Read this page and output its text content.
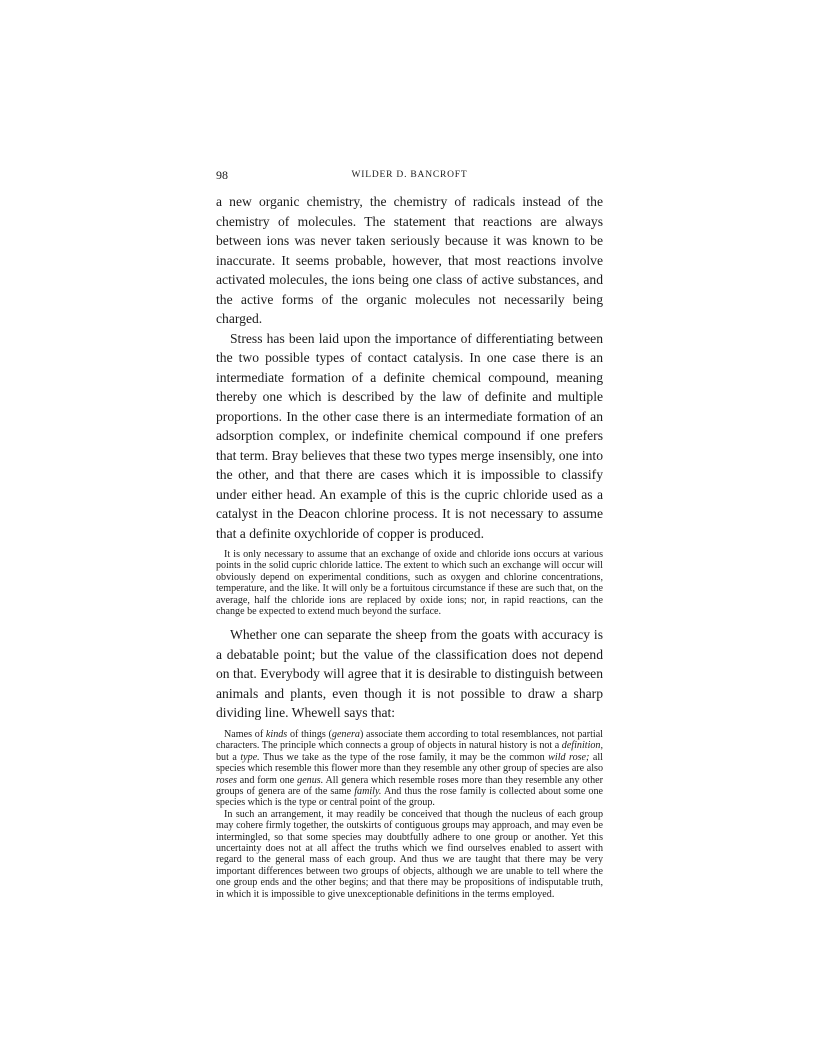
98	WILDER D. BANCROFT

a new organic chemistry, the chemistry of radicals instead of the chemistry of molecules. The statement that reactions are always between ions was never taken seriously because it was known to be inaccurate. It seems probable, however, that most reactions involve activated molecules, the ions being one class of active substances, and the active forms of the organic molecules not necessarily being charged.

Stress has been laid upon the importance of differentiating between the two possible types of contact catalysis. In one case there is an intermediate formation of a definite chemical compound, meaning thereby one which is described by the law of definite and multiple proportions. In the other case there is an intermediate formation of an adsorption complex, or indefinite chemical compound if one prefers that term. Bray believes that these two types merge insensibly, one into the other, and that there are cases which it is impossible to classify under either head. An example of this is the cupric chloride used as a catalyst in the Deacon chlorine process. It is not necessary to assume that a definite oxychloride of copper is produced.

It is only necessary to assume that an exchange of oxide and chloride ions occurs at various points in the solid cupric chloride lattice. The extent to which such an exchange will occur will obviously depend on experimental conditions, such as oxygen and chlorine concentrations, temperature, and the like. It will only be a fortuitous circumstance if these are such that, on the average, half the chloride ions are replaced by oxide ions; nor, in rapid reactions, can the change be expected to extend much beyond the surface.

Whether one can separate the sheep from the goats with accuracy is a debatable point; but the value of the classification does not depend on that. Everybody will agree that it is desirable to distinguish between animals and plants, even though it is not possible to draw a sharp dividing line. Whewell says that:

Names of kinds of things (genera) associate them according to total resemblances, not partial characters. The principle which connects a group of objects in natural history is not a definition, but a type. Thus we take as the type of the rose family, it may be the common wild rose; all species which resemble this flower more than they resemble any other group of species are also roses and form one genus. All genera which resemble roses more than they resemble any other groups of genera are of the same family. And thus the rose family is collected about some one species which is the type or central point of the group.

In such an arrangement, it may readily be conceived that though the nucleus of each group may cohere firmly together, the outskirts of contiguous groups may approach, and may even be intermingled, so that some species may doubtfully adhere to one group or another. Yet this uncertainty does not at all affect the truths which we find ourselves enabled to assert with regard to the general mass of each group. And thus we are taught that there may be very important differences between two groups of objects, although we are unable to tell where the one group ends and the other begins; and that there may be propositions of indisputable truth, in which it is impossible to give unexceptionable definitions in the terms employed.
